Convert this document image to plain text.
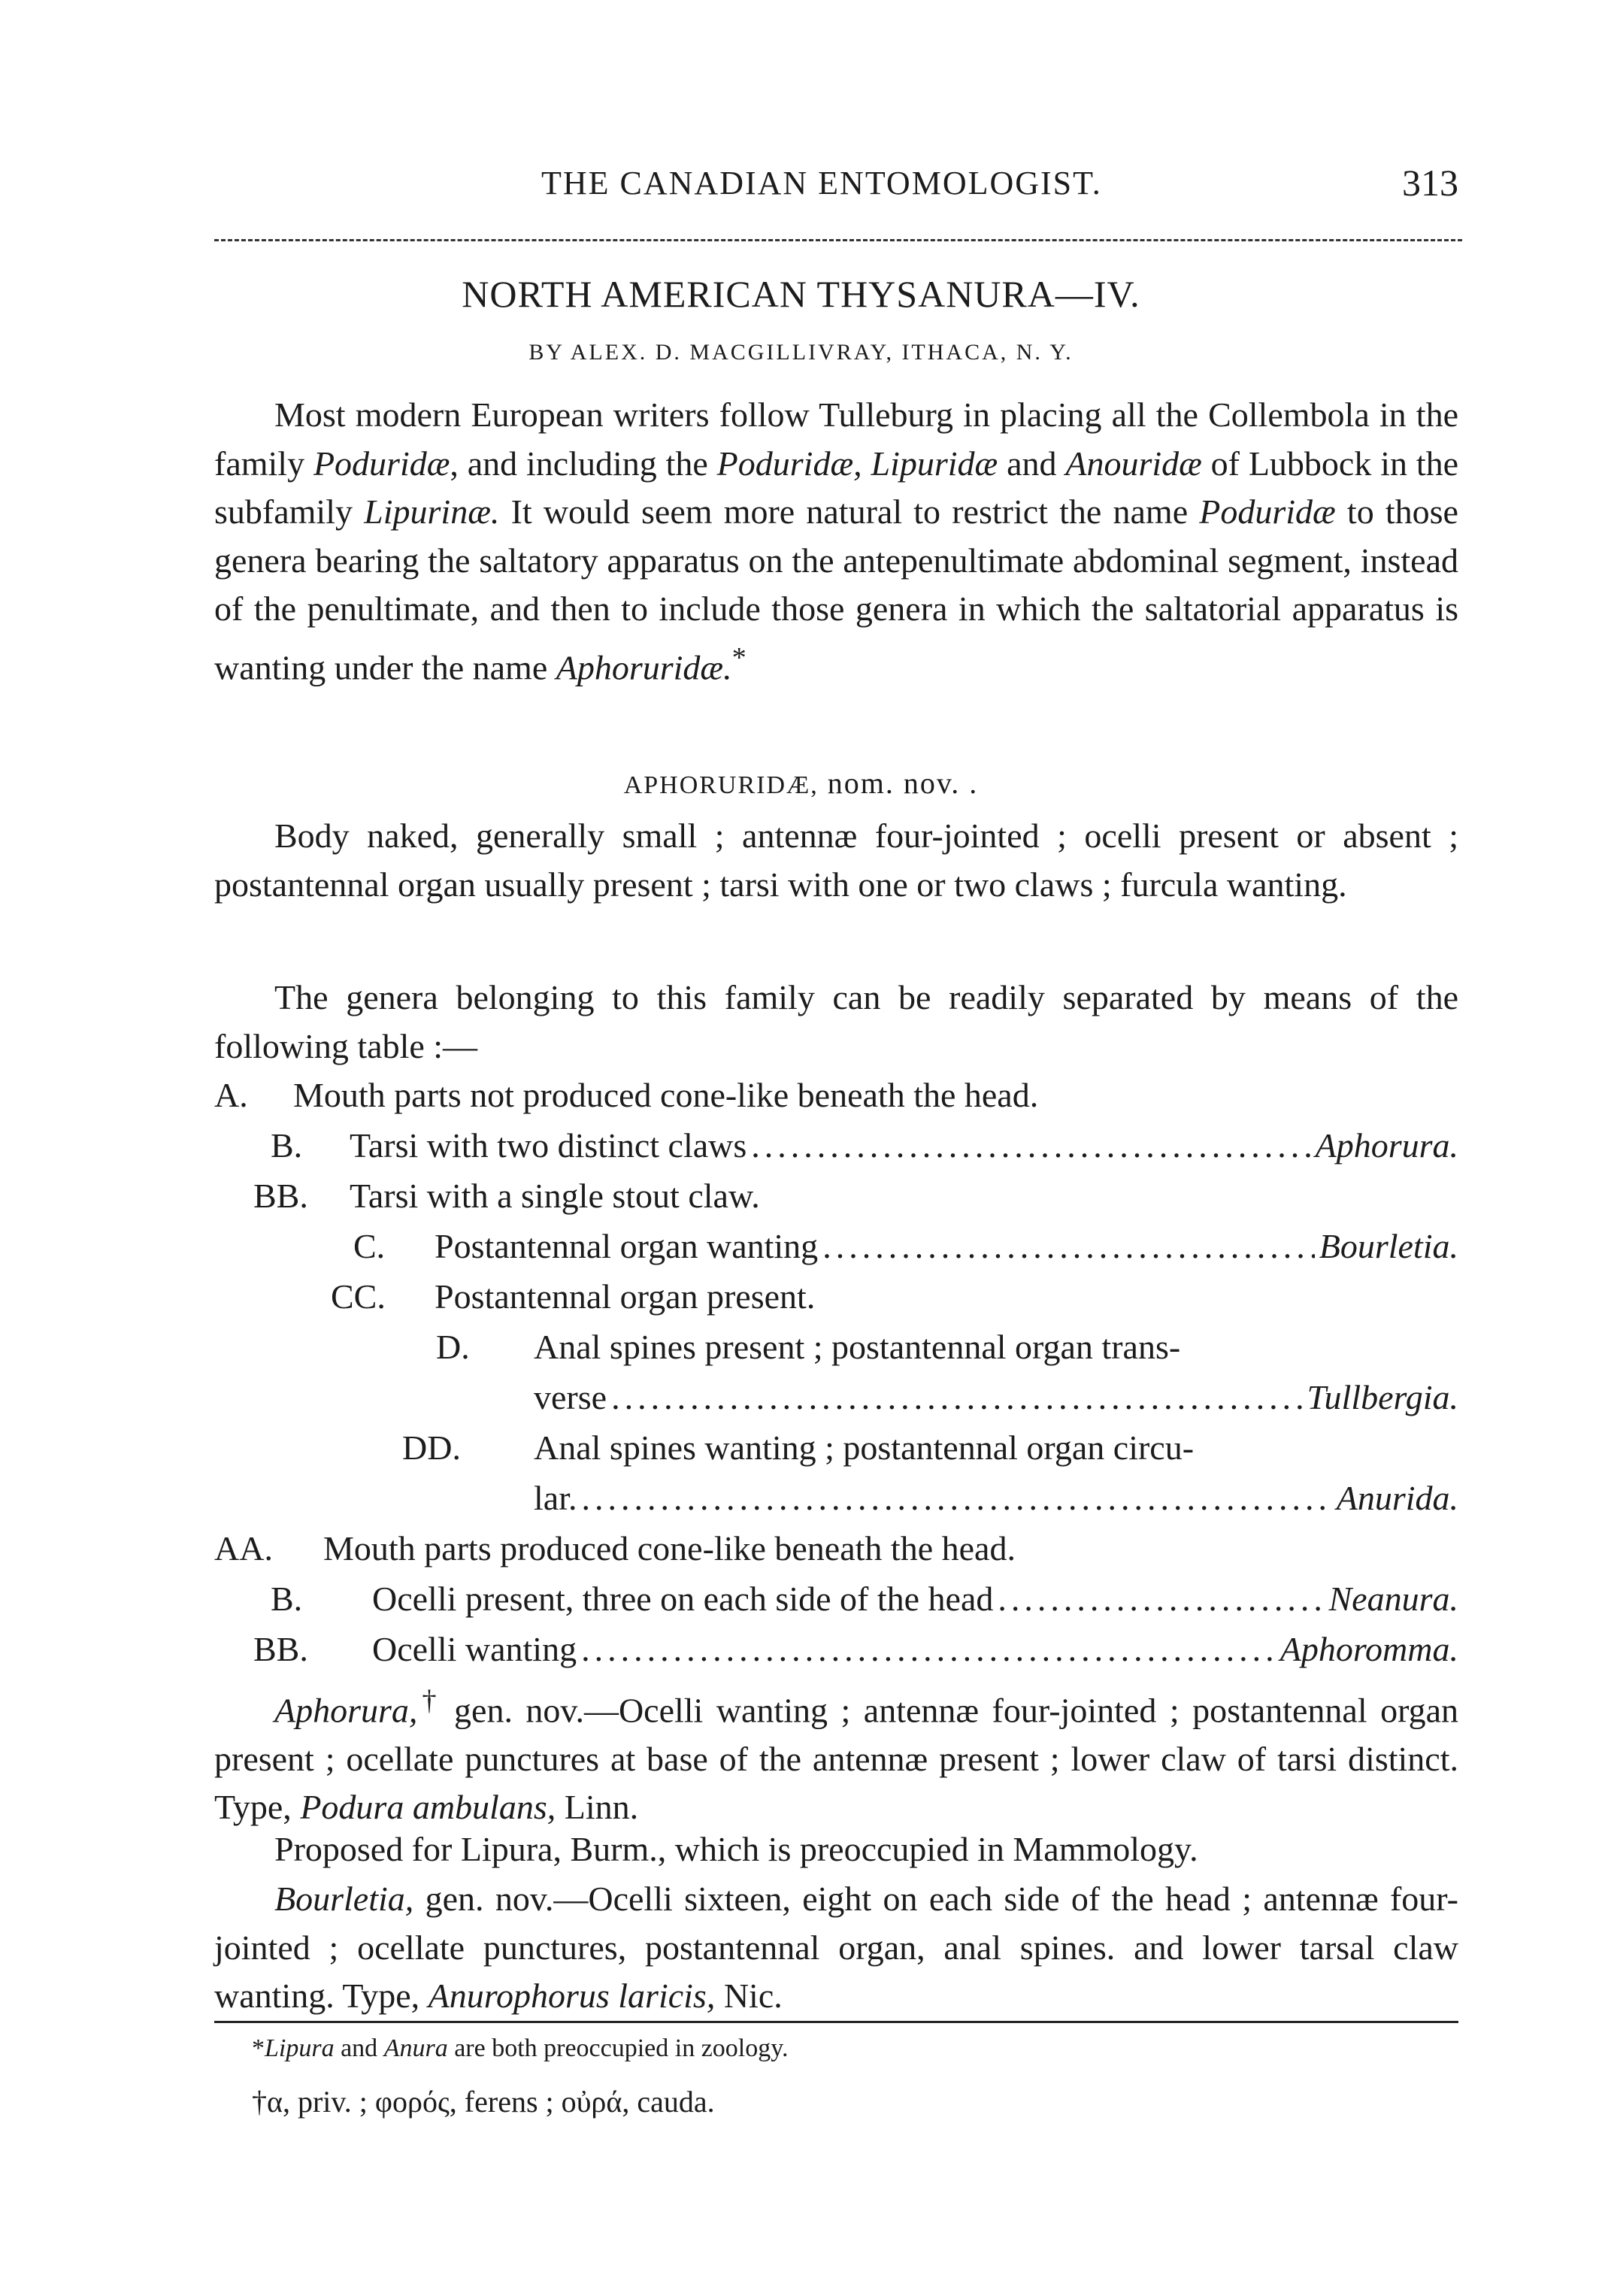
THE CANADIAN ENTOMOLOGIST.	313
NORTH AMERICAN THYSANURA—IV.
BY ALEX. D. MACGILLIVRAY, ITHACA, N. Y.
Most modern European writers follow Tulleburg in placing all the Collembola in the family Poduridæ, and including the Poduridæ, Lipuridæ and Anouridæ of Lubbock in the subfamily Lipurinæ. It would seem more natural to restrict the name Poduridæ to those genera bearing the saltatory apparatus on the antepenultimate abdominal segment, instead of the penultimate, and then to include those genera in which the saltatorial apparatus is wanting under the name Aphoruridæ.*
APHORURIDÆ, nom. nov. .
Body naked, generally small ; antennæ four-jointed ; ocelli present or absent ; postantennal organ usually present ; tarsi with one or two claws ; furcula wanting.
The genera belonging to this family can be readily separated by means of the following table :—
A. Mouth parts not produced cone-like beneath the head.
B.	Tarsi with two distinct claws .....	Aphorura.
BB. Tarsi with a single stout claw.
C.	Postantennal organ wanting .....	Bourletia.
CC. Postantennal organ present.
D. Anal spines present ; postantennal organ trans-
verse .....	Tullbergia.
DD. Anal spines wanting ; postantennal organ circu-
lar. .....	Anurida.
AA. Mouth parts produced cone-like beneath the head.
B.	Ocelli present, three on each side of the head .....	Neanura.
BB.	Ocelli wanting .....	Aphoromma.
Aphorura,† gen. nov.—Ocelli wanting ; antennæ four-jointed ; postantennal organ present ; ocellate punctures at base of the antennæ present ; lower claw of tarsi distinct. Type, Podura ambulans, Linn.
Proposed for Lipura, Burm., which is preoccupied in Mammology.
Bourletia, gen. nov.—Ocelli sixteen, eight on each side of the head ; antennæ four-jointed ; ocellate punctures, postantennal organ, anal spines. and lower tarsal claw wanting. Type, Anurophorus laricis, Nic.
*Lipura and Anura are both preoccupied in zoology.
†α, priv. ; φορός, ferens ; οὐρά, cauda.
